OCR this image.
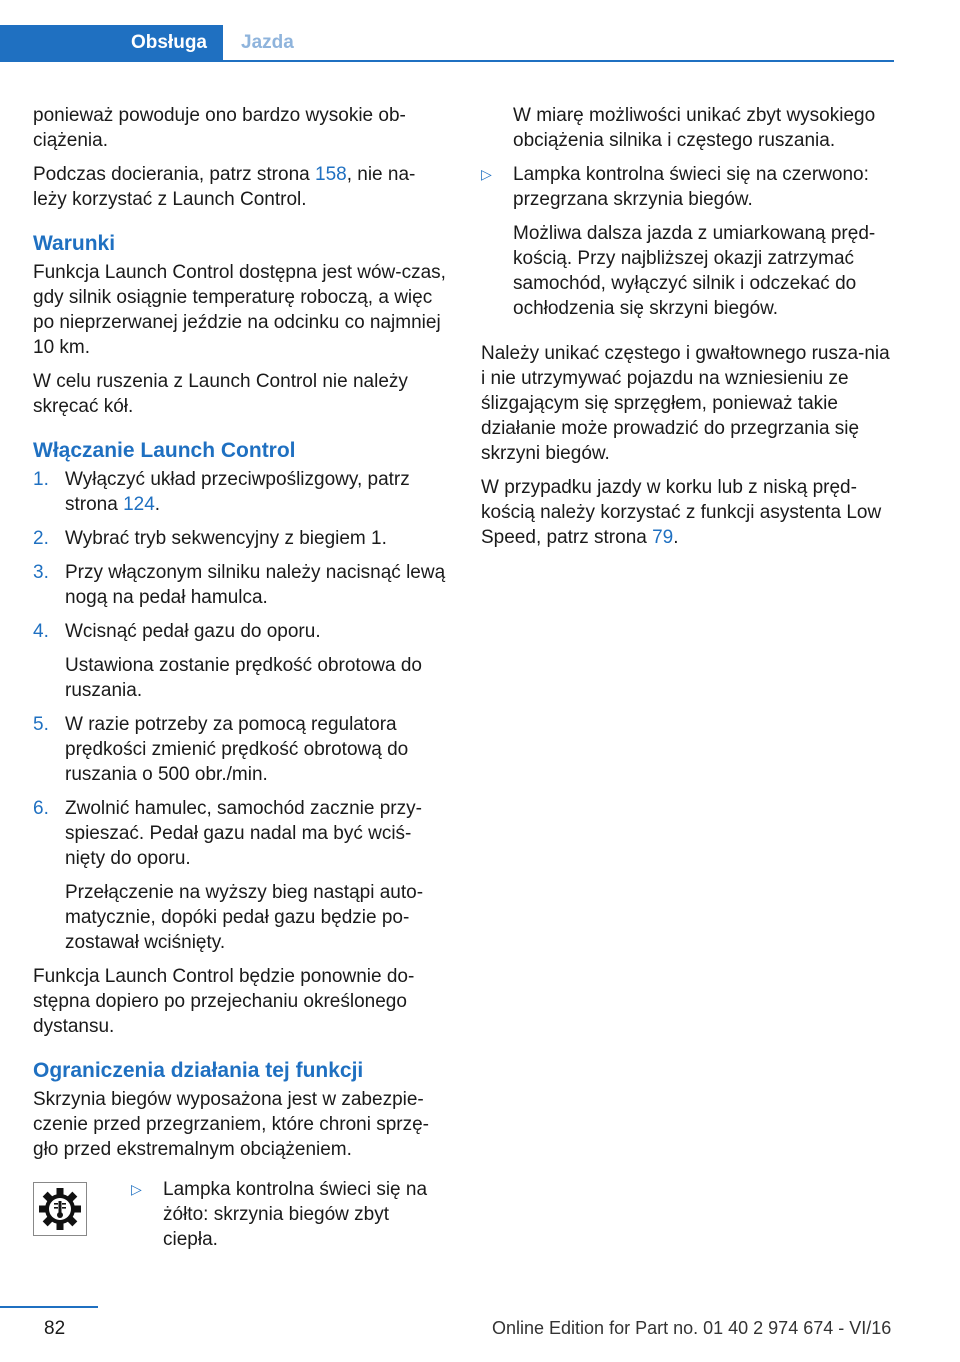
Obsługa	Jazda

ponieważ powoduje ono bardzo wysokie ob-ciążenia.

Podczas docierania, patrz strona 158, nie na-leży korzystać z Launch Control.

Warunki

Funkcja Launch Control dostępna jest wów-czas, gdy silnik osiągnie temperaturę roboczą, a więc po nieprzerwanej jeździe na odcinku co najmniej 10 km.

W celu ruszenia z Launch Control nie należy skręcać kół.

Włączanie Launch Control
1. Wyłączyć układ przeciwpoślizgowy, patrz strona 124.
2. Wybrać tryb sekwencyjny z biegiem 1.
3. Przy włączonym silniku należy nacisnąć lewą nogą na pedał hamulca.
4. Wcisnąć pedał gazu do oporu.
Ustawiona zostanie prędkość obrotowa do ruszania.
5. W razie potrzeby za pomocą regulatora prędkości zmienić prędkość obrotową do ruszania o 500 obr./min.
6. Zwolnić hamulec, samochód zacznie przy-spieszać. Pedał gazu nadal ma być wciś-nięty do oporu.
Przełączenie na wyższy bieg nastąpi auto-matycznie, dopóki pedał gazu będzie po-zostawał wciśnięty.

Funkcja Launch Control będzie ponownie do-stępna dopiero po przejechaniu określonego dystansu.

Ograniczenia działania tej funkcji

Skrzynia biegów wyposażona jest w zabezpie-czenie przed przegrzaniem, które chroni sprzę-gło przed ekstremalnym obciążeniem.

▷ Lampka kontrolna świeci się na żółto: skrzynia biegów zbyt ciepła.

W miarę możliwości unikać zbyt wysokiego obciążenia silnika i częstego ruszania.

▷ Lampka kontrolna świeci się na czerwono: przegrzana skrzynia biegów.

Możliwa dalsza jazda z umiarkowaną pręd-kością. Przy najbliższej okazji zatrzymać samochód, wyłączyć silnik i odczekać do ochłodzenia się skrzyni biegów.

Należy unikać częstego i gwałtownego rusza-nia i nie utrzymywać pojazdu na wzniesieniu ze ślizgającym się sprzęgłem, ponieważ takie działanie może prowadzić do przegrzania się skrzyni biegów.

W przypadku jazdy w korku lub z niską pręd-kością należy korzystać z funkcji asystenta Low Speed, patrz strona 79.

82	Online Edition for Part no. 01 40 2 974 674 - VI/16
